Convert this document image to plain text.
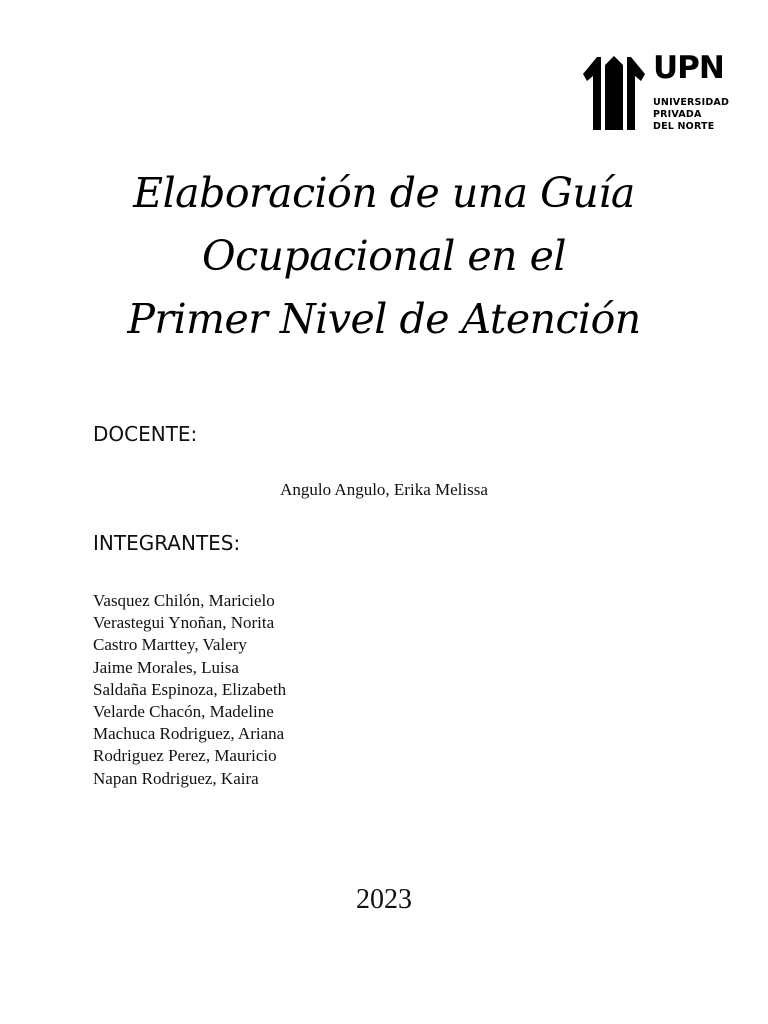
UPN
UNIVERSIDAD
PRIVADA
DEL NORTE
Elaboración de una Guía
Ocupacional en el
Primer Nivel de Atención
DOCENTE:
Angulo Angulo, Erika Melissa
INTEGRANTES:
Vasquez Chilón, Maricielo
Verastegui Ynoñan, Norita
Castro Marttey, Valery
Jaime Morales, Luisa
Saldaña Espinoza, Elizabeth
Velarde Chacón, Madeline
Machuca Rodriguez, Ariana
Rodriguez Perez, Mauricio
Napan Rodriguez, Kaira
2023
